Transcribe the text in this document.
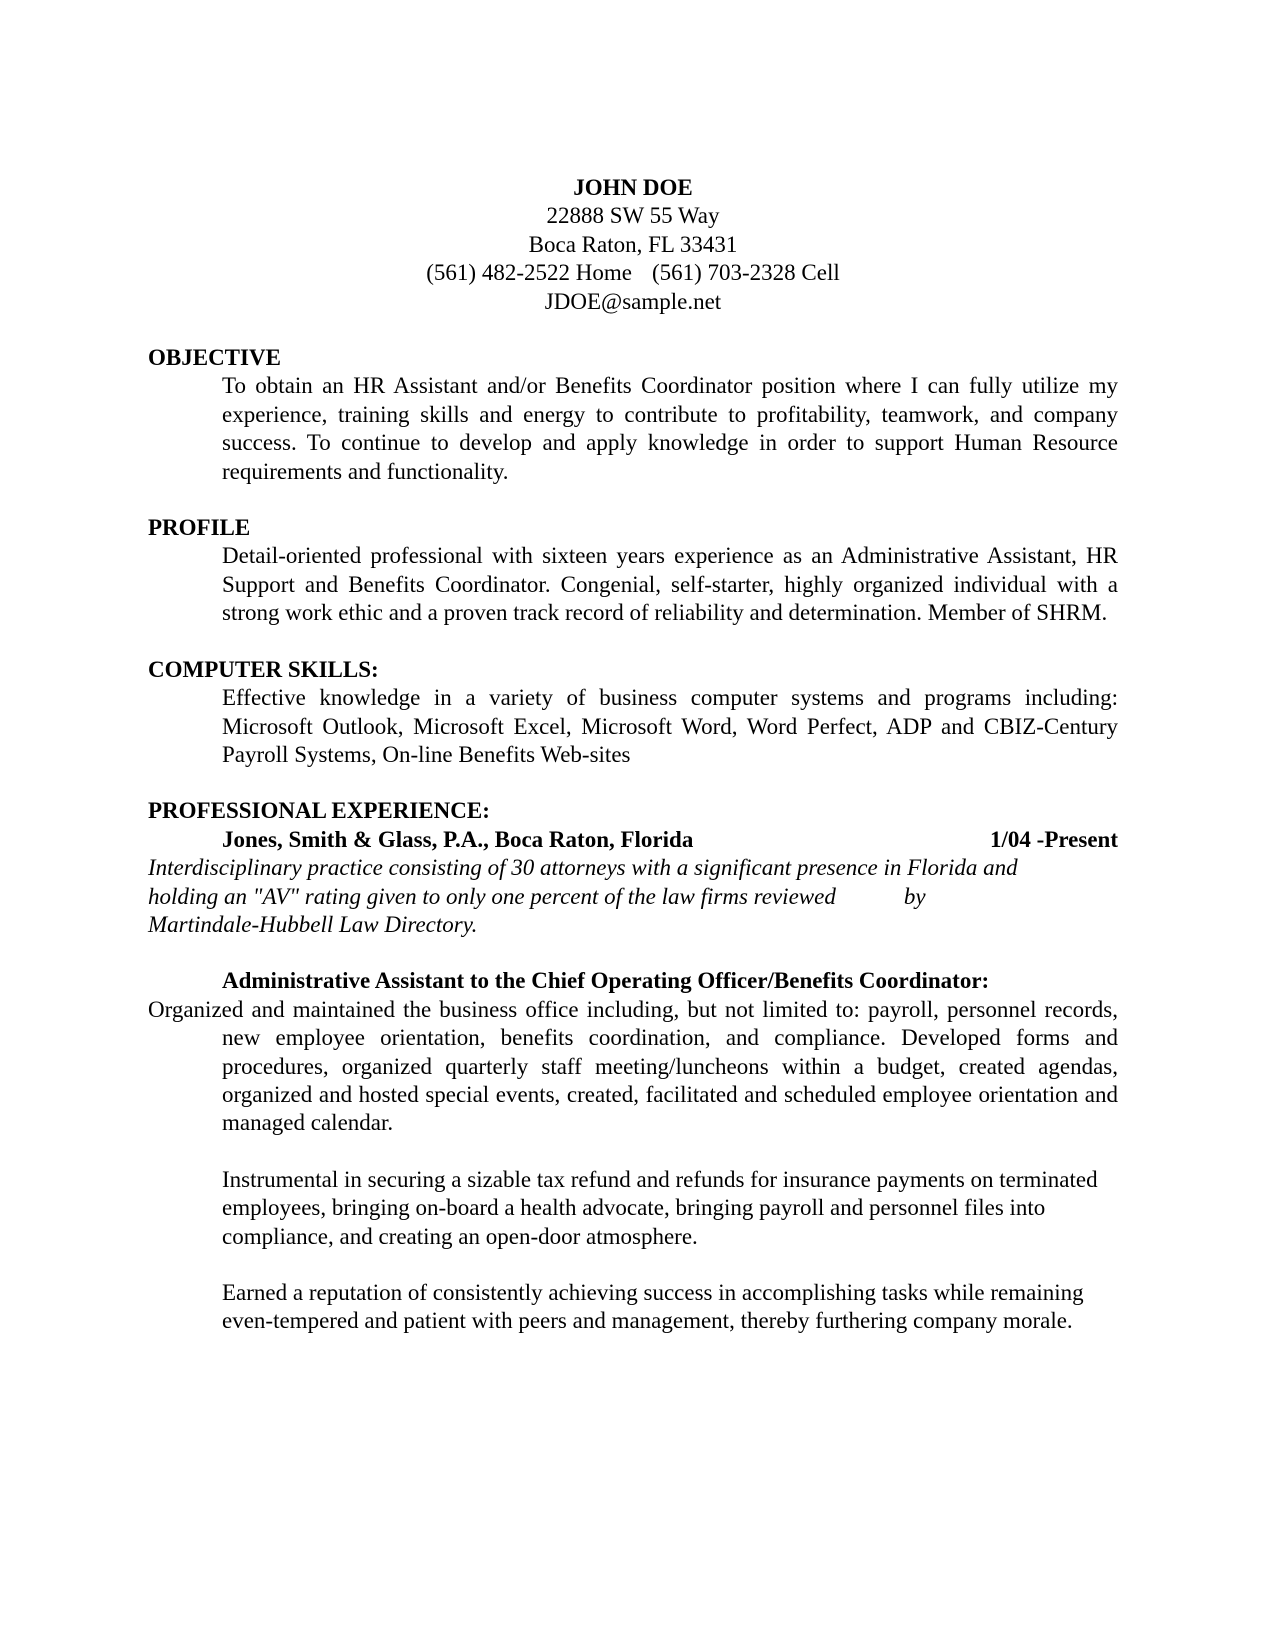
JOHN DOE
22888 SW 55 Way
Boca Raton, FL 33431
(561) 482-2522 Home (561) 703-2328 Cell
JDOE@sample.net
OBJECTIVE
To obtain an HR Assistant and/or Benefits Coordinator position where I can fully utilize my experience, training skills and energy to contribute to profitability, teamwork, and company success. To continue to develop and apply knowledge in order to support Human Resource requirements and functionality.
PROFILE
Detail-oriented professional with sixteen years experience as an Administrative Assistant, HR Support and Benefits Coordinator. Congenial, self-starter, highly organized individual with a strong work ethic and a proven track record of reliability and determination. Member of SHRM.
COMPUTER SKILLS:
Effective knowledge in a variety of business computer systems and programs including: Microsoft Outlook, Microsoft Excel, Microsoft Word, Word Perfect, ADP and CBIZ-Century Payroll Systems, On-line Benefits Web-sites
PROFESSIONAL EXPERIENCE:
Jones, Smith & Glass, P.A., Boca Raton, Florida	1/04 -Present
Interdisciplinary practice consisting of 30 attorneys with a significant presence in Florida and
holding an "AV" rating given to only one percent of the law firms reviewed	by
Martindale-Hubbell Law Directory.
Administrative Assistant to the Chief Operating Officer/Benefits Coordinator:
Organized and maintained the business office including, but not limited to: payroll, personnel records, new employee orientation, benefits coordination, and compliance. Developed forms and procedures, organized quarterly staff meeting/luncheons within a budget, created agendas, organized and hosted special events, created, facilitated and scheduled employee orientation and managed calendar.
Instrumental in securing a sizable tax refund and refunds for insurance payments on terminated employees, bringing on-board a health advocate, bringing payroll and personnel files into compliance, and creating an open-door atmosphere.
Earned a reputation of consistently achieving success in accomplishing tasks while remaining even-tempered and patient with peers and management, thereby furthering company morale.
